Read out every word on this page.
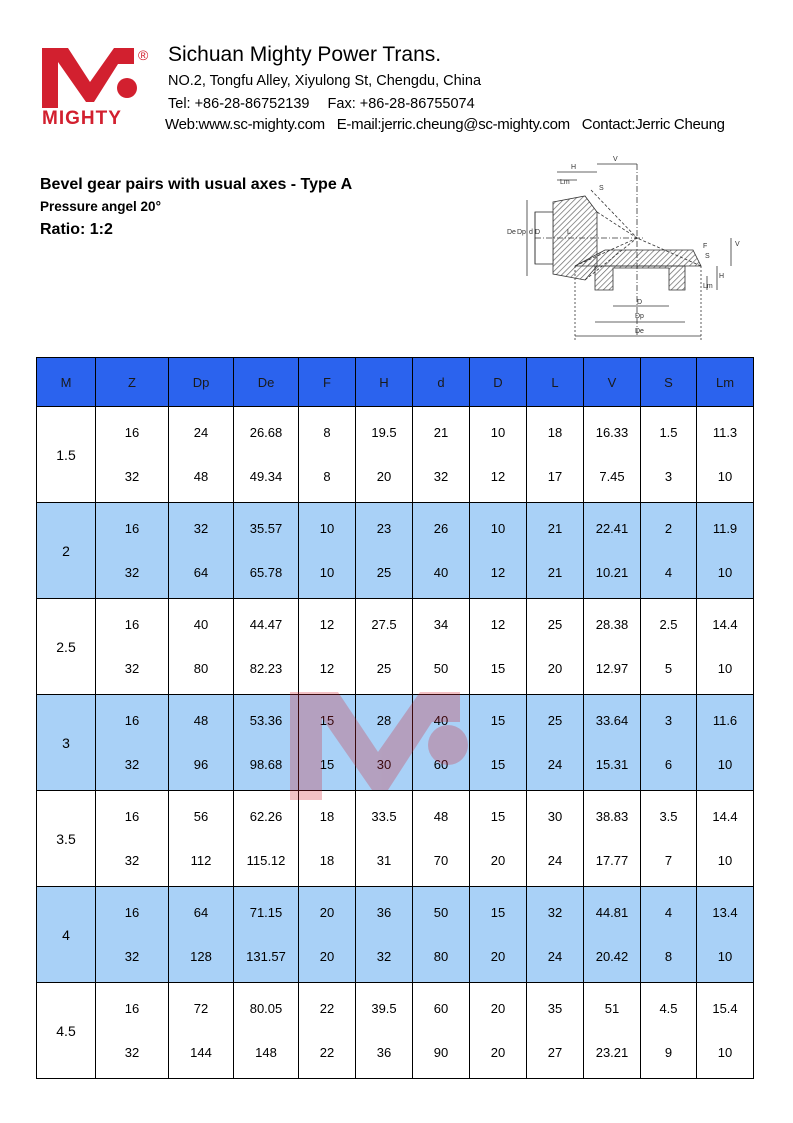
®
MIGHTY
Sichuan Mighty Power Trans.
NO.2, Tongfu Alley, Xiyulong St, Chengdu, China
Tel: +86-28-86752139 Fax: +86-28-86755074
Web:www.sc-mighty.com E-mail:jerric.cheung@sc-mighty.com Contact:Jerric Cheung
Bevel gear pairs with usual axes - Type A
Pressure angel 20°
Ratio: 1:2
V
H
Lm
S
De Dp d D	L
F	V
H
Lm
S
D
Dp
De
M	Z	Dp	De	F	H	d	D	L	V	S	Lm
1.5	16	24	26.68	8	19.5	21	10	18	16.33	1.5	11.3
	32	48	49.34	8	20	32	12	17	7.45	3	10
2	16	32	35.57	10	23	26	10	21	22.41	2	11.9
	32	64	65.78	10	25	40	12	21	10.21	4	10
2.5	16	40	44.47	12	27.5	34	12	25	28.38	2.5	14.4
	32	80	82.23	12	25	50	15	20	12.97	5	10
3	16	48	53.36	15	28	40	15	25	33.64	3	11.6
	32	96	98.68	15	30	60	15	24	15.31	6	10
3.5	16	56	62.26	18	33.5	48	15	30	38.83	3.5	14.4
	32	112	115.12	18	31	70	20	24	17.77	7	10
4	16	64	71.15	20	36	50	15	32	44.81	4	13.4
	32	128	131.57	20	32	80	20	24	20.42	8	10
4.5	16	72	80.05	22	39.5	60	20	35	51	4.5	15.4
	32	144	148	22	36	90	20	27	23.21	9	10
